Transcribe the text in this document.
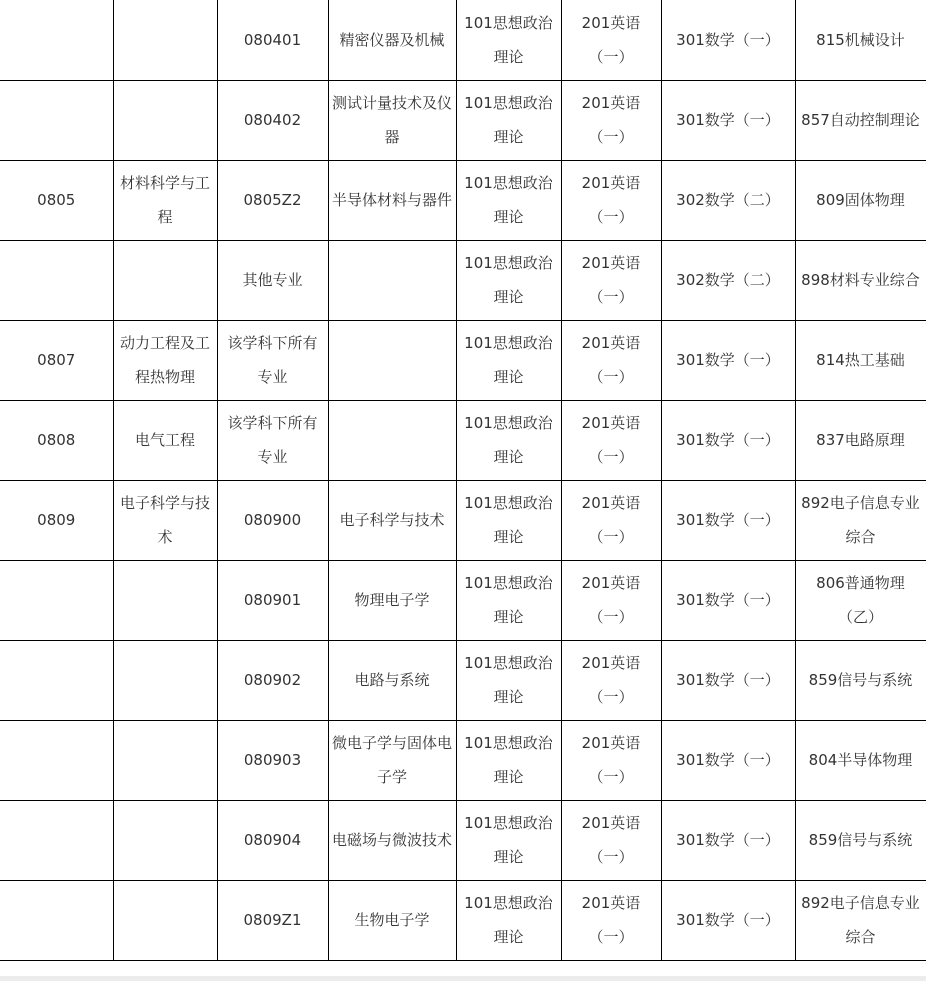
		080401	精密仪器及机械	101思想政治理论	201英语（一）	301数学（一）	815机械设计
		080402	测试计量技术及仪器	101思想政治理论	201英语（一）	301数学（一）	857自动控制理论
0805	材料科学与工程	0805Z2	半导体材料与器件	101思想政治理论	201英语（一）	302数学（二）	809固体物理
		其他专业		101思想政治理论	201英语（一）	302数学（二）	898材料专业综合
0807	动力工程及工程热物理	该学科下所有专业		101思想政治理论	201英语（一）	301数学（一）	814热工基础
0808	电气工程	该学科下所有专业		101思想政治理论	201英语（一）	301数学（一）	837电路原理
0809	电子科学与技术	080900	电子科学与技术	101思想政治理论	201英语（一）	301数学（一）	892电子信息专业综合
		080901	物理电子学	101思想政治理论	201英语（一）	301数学（一）	806普通物理（乙）
		080902	电路与系统	101思想政治理论	201英语（一）	301数学（一）	859信号与系统
		080903	微电子学与固体电子学	101思想政治理论	201英语（一）	301数学（一）	804半导体物理
		080904	电磁场与微波技术	101思想政治理论	201英语（一）	301数学（一）	859信号与系统
		0809Z1	生物电子学	101思想政治理论	201英语（一）	301数学（一）	892电子信息专业综合
